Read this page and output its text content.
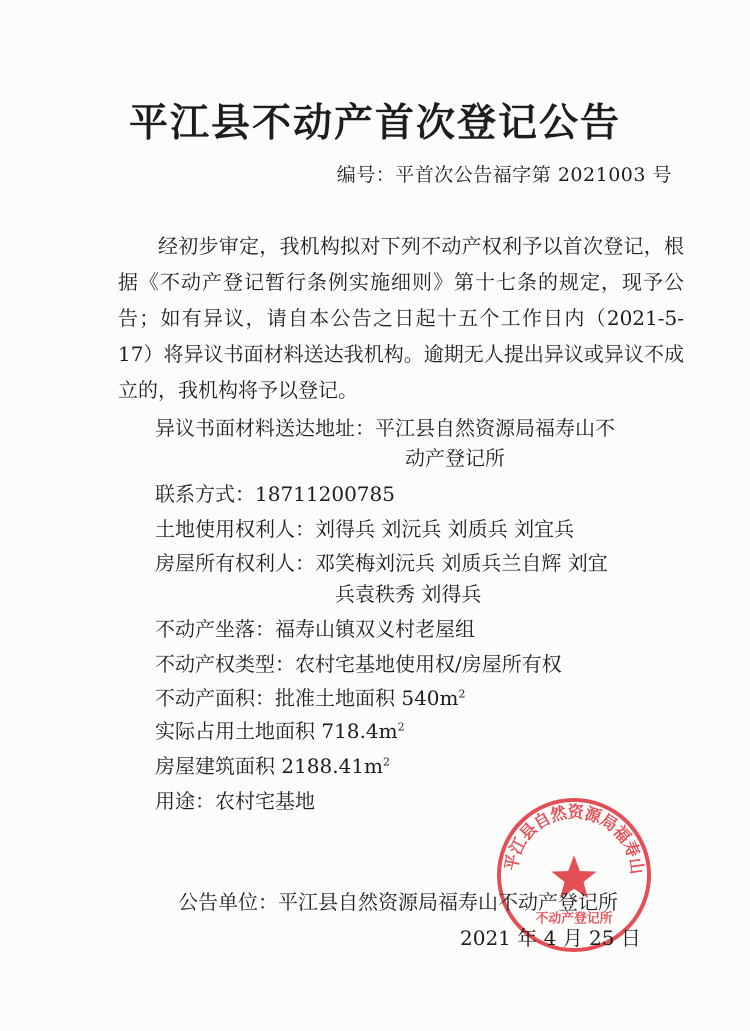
平江县不动产首次登记公告
编号：平首次公告福字第 2021003 号

经初步审定，我机构拟对下列不动产权利予以首次登记，根据《不动产登记暂行条例实施细则》第十七条的规定，现予公告；如有异议，请自本公告之日起十五个工作日内（2021-5-17）将异议书面材料送达我机构。逾期无人提出异议或异议不成立的，我机构将予以登记。

异议书面材料送达地址：平江县自然资源局福寿山不
动产登记所
联系方式：18711200785
土地使用权利人：刘得兵 刘沅兵 刘质兵 刘宜兵
房屋所有权利人：邓笑梅刘沅兵 刘质兵兰自辉 刘宜
兵袁秩秀 刘得兵
不动产坐落：福寿山镇双义村老屋组
不动产权类型：农村宅基地使用权/房屋所有权
不动产面积：批准土地面积 $540m^2$
实际占用土地面积 $718.4m^2$
房屋建筑面积 $2188.41m^2$
用途：农村宅基地
平江县自然资源局福寿山
不动产登记所
公告单位：平江县自然资源局福寿山不动产登记所
2021 年 4 月 25 日
